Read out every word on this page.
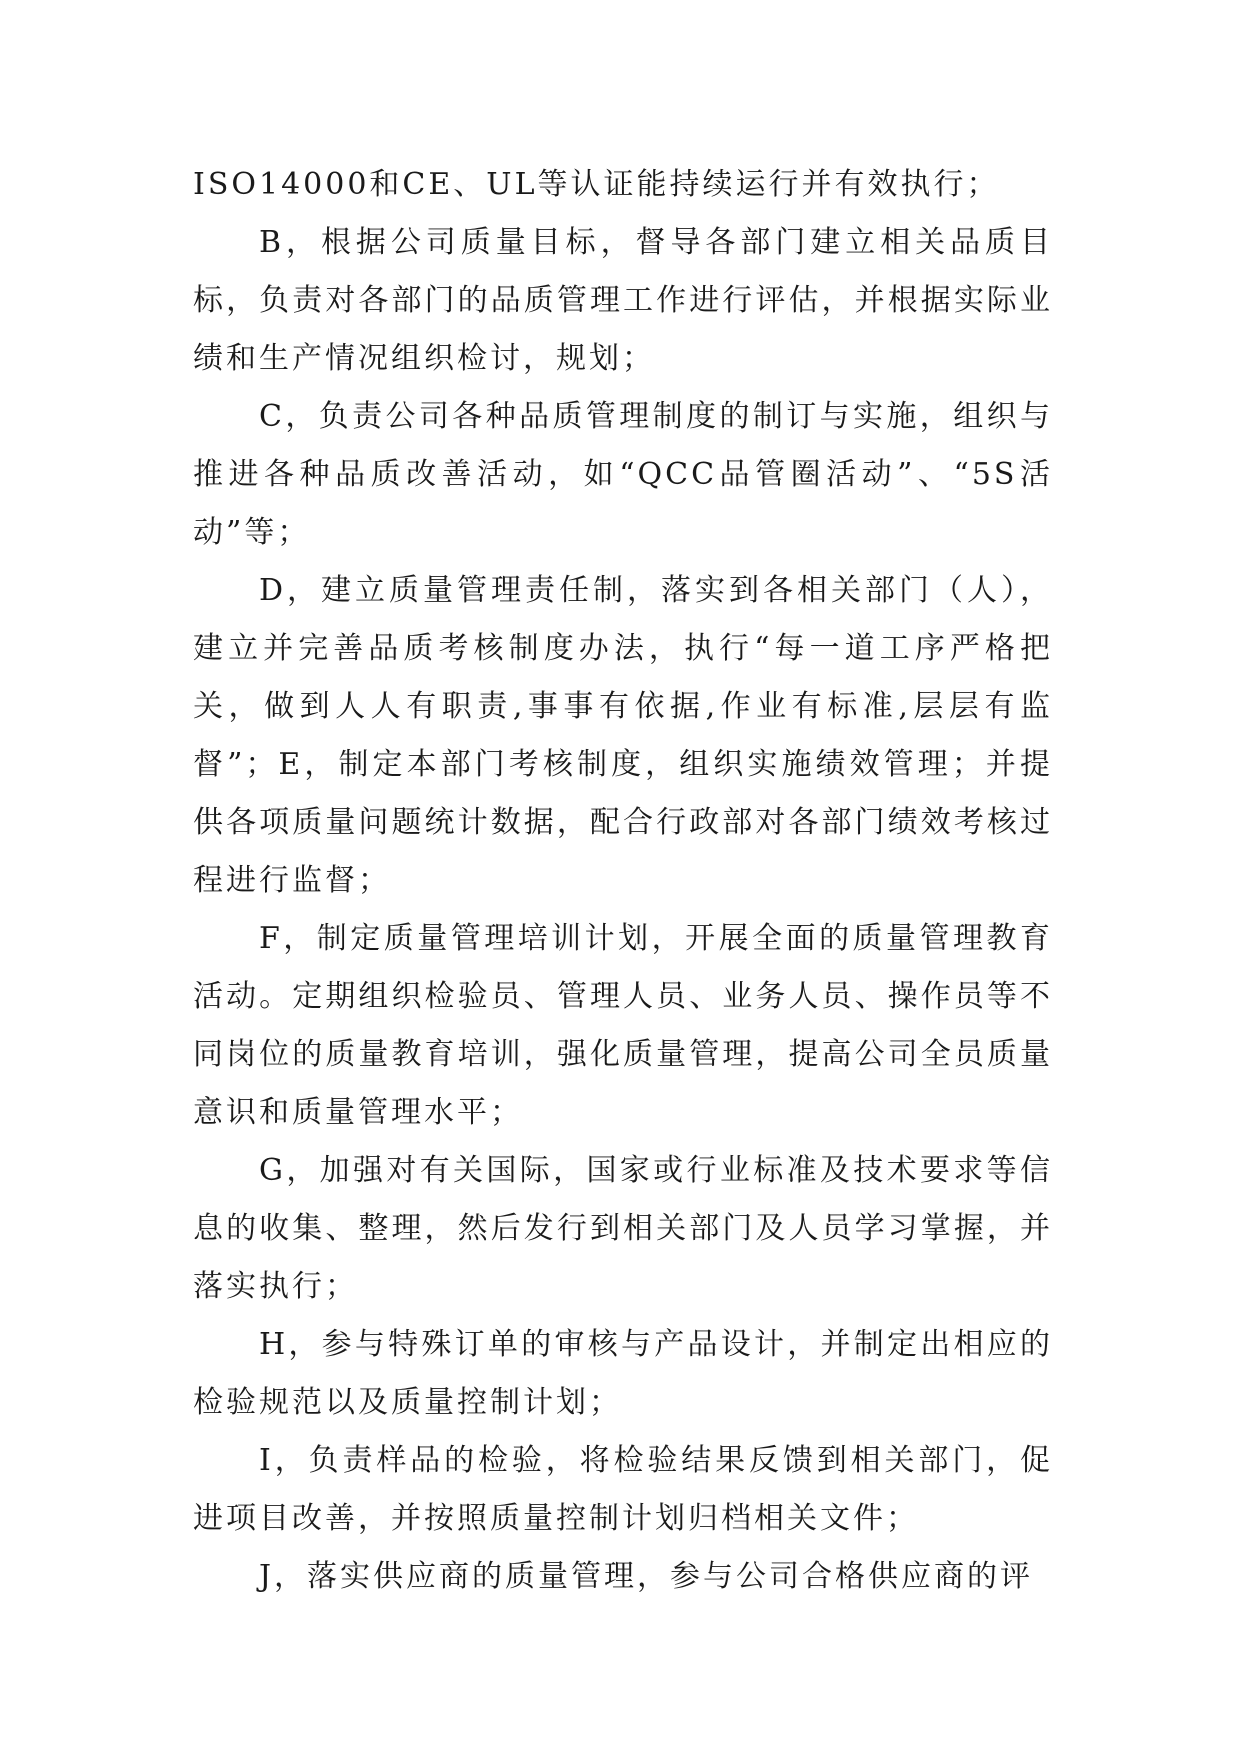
ISO14000和CE、UL等认证能持续运行并有效执行；

B，根据公司质量目标，督导各部门建立相关品质目标，负责对各部门的品质管理工作进行评估，并根据实际业绩和生产情况组织检讨，规划；

C，负责公司各种品质管理制度的制订与实施，组织与推进各种品质改善活动，如“QCC品管圈活动”、“5S活动”等；

D，建立质量管理责任制，落实到各相关部门（人），建立并完善品质考核制度办法，执行“每一道工序严格把关，做到人人有职责,事事有依据,作业有标准,层层有监督”；E，制定本部门考核制度，组织实施绩效管理；并提供各项质量问题统计数据，配合行政部对各部门绩效考核过程进行监督；

F，制定质量管理培训计划，开展全面的质量管理教育活动。定期组织检验员、管理人员、业务人员、操作员等不同岗位的质量教育培训，强化质量管理，提高公司全员质量意识和质量管理水平；

G，加强对有关国际，国家或行业标准及技术要求等信息的收集、整理，然后发行到相关部门及人员学习掌握，并落实执行；

H，参与特殊订单的审核与产品设计，并制定出相应的检验规范以及质量控制计划；

I，负责样品的检验，将检验结果反馈到相关部门，促进项目改善，并按照质量控制计划归档相关文件；

J，落实供应商的质量管理，参与公司合格供应商的评
